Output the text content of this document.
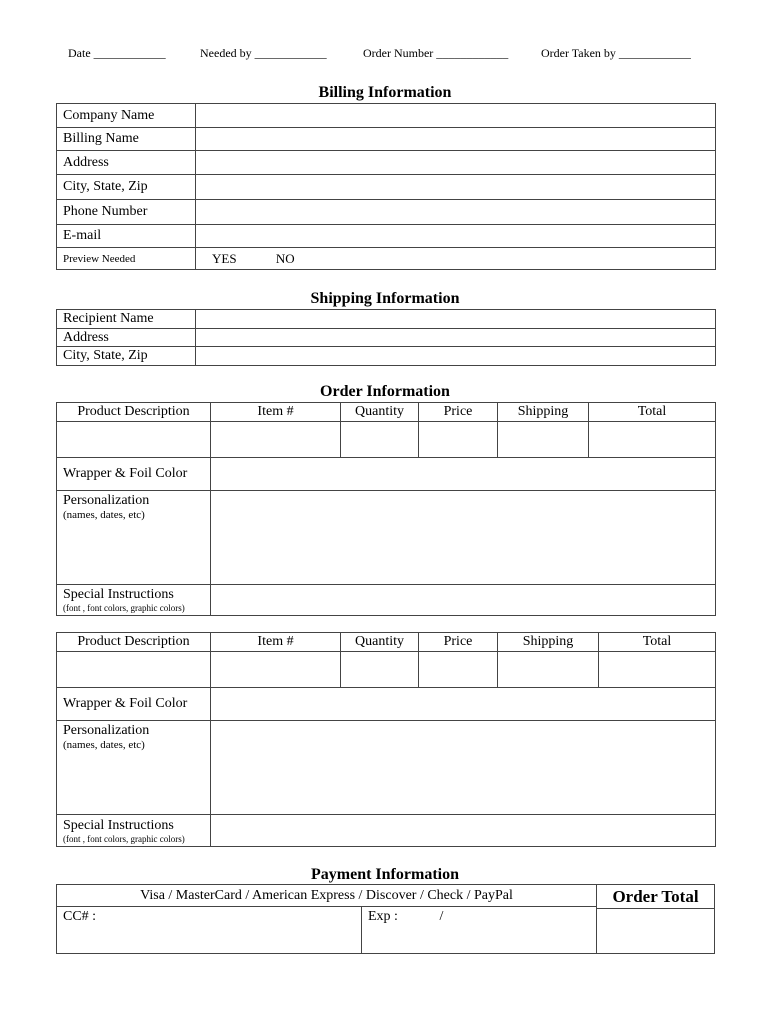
Date ____________	Needed by ____________	Order Number ____________	Order Taken by ____________
Billing Information
Company Name	
Billing Name	
Address	
City, State, Zip	
Phone Number	
E-mail	
Preview Needed	YES NO
Shipping Information
Recipient Name	
Address	
City, State, Zip	
Order Information
Product Description	Item #	Quantity	Price	Shipping	Total

Wrapper & Foil Color					

Personalization
(names, dates, etc)					

Special Instructions
(font , font colors, graphic colors)					

Product Description	Item #	Quantity	Price	Shipping	Total

Wrapper & Foil Color					

Personalization
(names, dates, etc)					

Special Instructions
(font , font colors, graphic colors)					

Payment Information
Visa / MasterCard / American Express / Discover / Check / PayPal
CC# :	Exp :	/
Order Total
